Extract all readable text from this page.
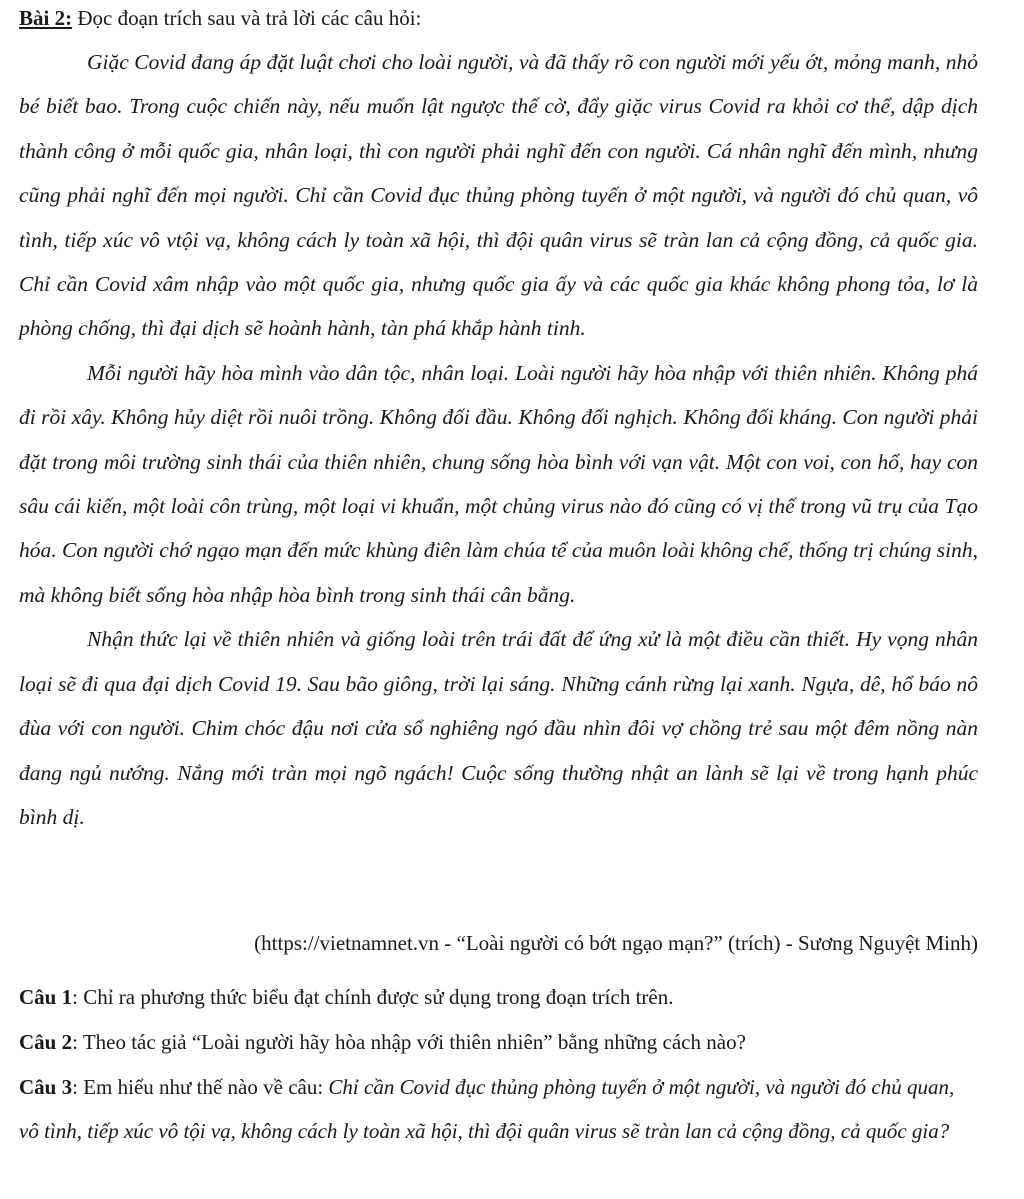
Bài 2: Đọc đoạn trích sau và trả lời các câu hỏi:

Giặc Covid đang áp đặt luật chơi cho loài người, và đã thấy rõ con người mới yếu ớt, mỏng manh, nhỏ bé biết bao. Trong cuộc chiến này, nếu muốn lật ngược thế cờ, đẩy giặc virus Covid ra khỏi cơ thể, dập dịch thành công ở mỗi quốc gia, nhân loại, thì con người phải nghĩ đến con người. Cá nhân nghĩ đến mình, nhưng cũng phải nghĩ đến mọi người. Chỉ cần Covid đục thủng phòng tuyến ở một người, và người đó chủ quan, vô tình, tiếp xúc vô vtội vạ, không cách ly toàn xã hội, thì đội quân virus sẽ tràn lan cả cộng đồng, cả quốc gia. Chỉ cần Covid xâm nhập vào một quốc gia, nhưng quốc gia ấy và các quốc gia khác không phong tỏa, lơ là phòng chống, thì đại dịch sẽ hoành hành, tàn phá khắp hành tinh.

Mỗi người hãy hòa mình vào dân tộc, nhân loại. Loài người hãy hòa nhập với thiên nhiên. Không phá đi rồi xây. Không hủy diệt rồi nuôi trồng. Không đối đầu. Không đối nghịch. Không đối kháng. Con người phải đặt trong môi trường sinh thái của thiên nhiên, chung sống hòa bình với vạn vật. Một con voi, con hổ, hay con sâu cái kiến, một loài côn trùng, một loại vi khuẩn, một chủng virus nào đó cũng có vị thế trong vũ trụ của Tạo hóa. Con người chớ ngạo mạn đến mức khùng điên làm chúa tể của muôn loài không chế, thống trị chúng sinh, mà không biết sống hòa nhập hòa bình trong sinh thái cân bằng.

Nhận thức lại về thiên nhiên và giống loài trên trái đất để ứng xử là một điều cần thiết. Hy vọng nhân loại sẽ đi qua đại dịch Covid 19. Sau bão giông, trời lại sáng. Những cánh rừng lại xanh. Ngựa, dê, hổ báo nô đùa với con người. Chim chóc đậu nơi cửa sổ nghiêng ngó đầu nhìn đôi vợ chồng trẻ sau một đêm nồng nàn đang ngủ nướng. Nắng mới tràn mọi ngõ ngách! Cuộc sống thường nhật an lành sẽ lại về trong hạnh phúc bình dị.

(https://vietnamnet.vn - “Loài người có bớt ngạo mạn?” (trích) - Sương Nguyệt Minh)
Câu 1: Chỉ ra phương thức biểu đạt chính được sử dụng trong đoạn trích trên.
Câu 2: Theo tác giả “Loài người hãy hòa nhập với thiên nhiên” bằng những cách nào?
Câu 3: Em hiểu như thế nào về câu: Chỉ cần Covid đục thủng phòng tuyến ở một người, và người đó chủ quan, vô tình, tiếp xúc vô tội vạ, không cách ly toàn xã hội, thì đội quân virus sẽ tràn lan cả cộng đồng, cả quốc gia?
